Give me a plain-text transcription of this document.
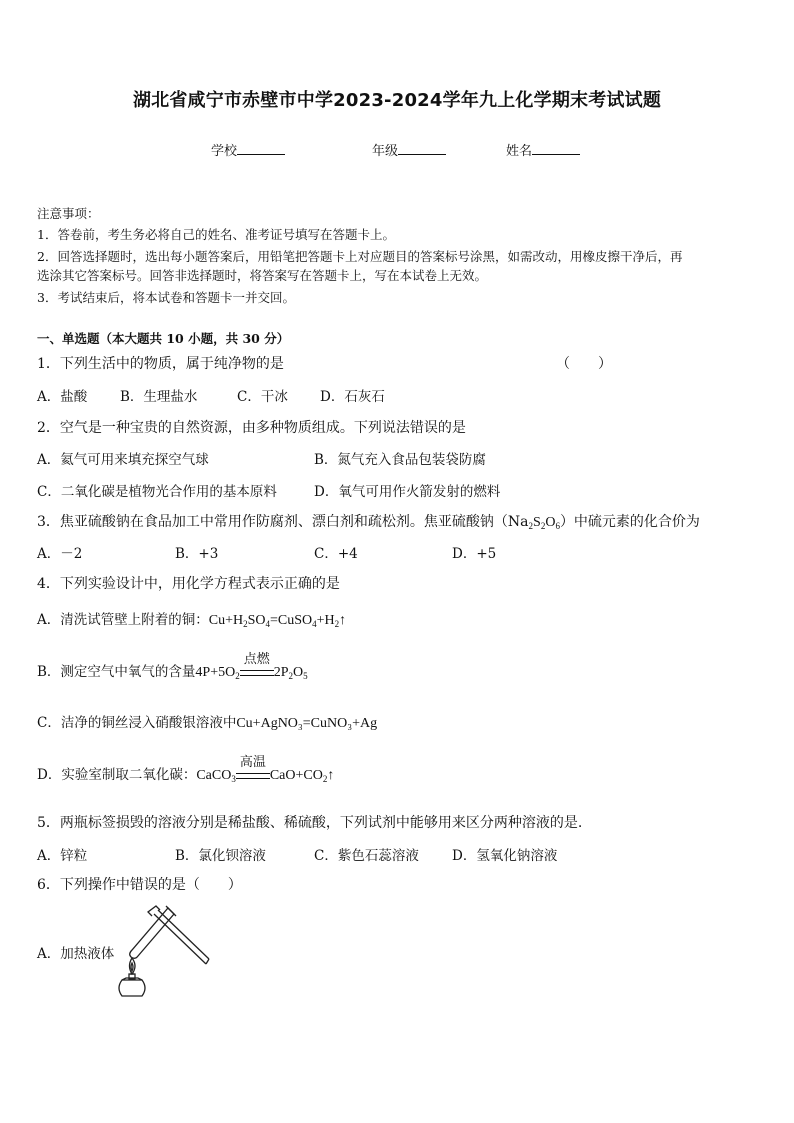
湖北省咸宁市赤壁市中学2023-2024学年九上化学期末考试试题
学校	年级	姓名
注意事项：
1．答卷前，考生务必将自己的姓名、准考证号填写在答题卡上。
2．回答选择题时，选出每小题答案后，用铅笔把答题卡上对应题目的答案标号涂黑，如需改动，用橡皮擦干净后，再
选涂其它答案标号。回答非选择题时，将答案写在答题卡上，写在本试卷上无效。
3．考试结束后，将本试卷和答题卡一并交回。
一、单选题（本大题共 10 小题，共 30 分）
1．下列生活中的物质，属于纯净物的是	（　　）
A．盐酸 B．生理盐水	C．干冰 D．石灰石
2．空气是一种宝贵的自然资源，由多种物质组成。下列说法错误的是
A．氦气可用来填充探空气球	B．氮气充入食品包装袋防腐
C．二氧化碳是植物光合作用的基本原料	D．氧气可用作火箭发射的燃料
3．焦亚硫酸钠在食品加工中常用作防腐剂、漂白剂和疏松剂。焦亚硫酸钠$(Na_2S_2O_6)$中硫元素的化合价为
A．－2	B．+3	C．+4	D．+5
4．下列实验设计中，用化学方程式表示正确的是
A．清洗试管壁上附着的铜：$Cu+H_2SO_4=CuSO_4+H_2↑$
B．测定空气中氧气的含量$4P+5O_2$
点燃
$2P_2O_5$
C．洁净的铜丝浸入硝酸银溶液中Cu+AgNO₃=CuNO₃+Ag
D．实验室制取二氧化碳：CaCO$_3$
高温
$CaO+CO_2↑$
5．两瓶标签损毁的溶液分别是稀盐酸、稀硫酸，下列试剂中能够用来区分两种溶液的是.
A．锌粒	B．氯化钡溶液	C．紫色石蕊溶液 D．氢氧化钠溶液
6．下列操作中错误的是（　　）
A．加热液体
